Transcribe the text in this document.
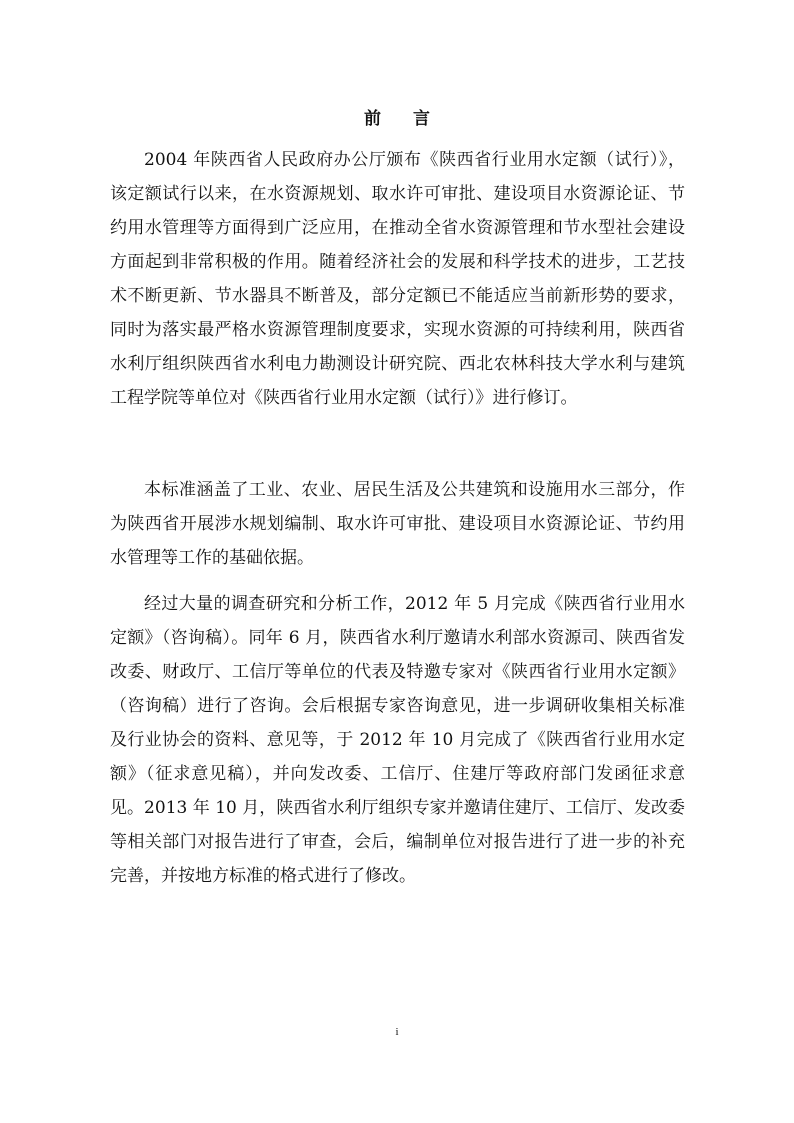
前 言

2004 年陕西省人民政府办公厅颁布《陕西省行业用水定额（试行）》，该定额试行以来，在水资源规划、取水许可审批、建设项目水资源论证、节约用水管理等方面得到广泛应用，在推动全省水资源管理和节水型社会建设方面起到非常积极的作用。随着经济社会的发展和科学技术的进步，工艺技术不断更新、节水器具不断普及，部分定额已不能适应当前新形势的要求，同时为落实最严格水资源管理制度要求，实现水资源的可持续利用，陕西省水利厅组织陕西省水利电力勘测设计研究院、西北农林科技大学水利与建筑工程学院等单位对《陕西省行业用水定额（试行）》进行修订。

本标准涵盖了工业、农业、居民生活及公共建筑和设施用水三部分，作为陕西省开展涉水规划编制、取水许可审批、建设项目水资源论证、节约用水管理等工作的基础依据。

经过大量的调查研究和分析工作，2012 年 5 月完成《陕西省行业用水定额》（咨询稿）。同年 6 月，陕西省水利厅邀请水利部水资源司、陕西省发改委、财政厅、工信厅等单位的代表及特邀专家对《陕西省行业用水定额》（咨询稿）进行了咨询。会后根据专家咨询意见，进一步调研收集相关标准及行业协会的资料、意见等，于 2012 年 10 月完成了《陕西省行业用水定额》（征求意见稿），并向发改委、工信厅、住建厅等政府部门发函征求意见。2013 年 10 月，陕西省水利厅组织专家并邀请住建厅、工信厅、发改委等相关部门对报告进行了审查，会后，编制单位对报告进行了进一步的补充完善，并按地方标准的格式进行了修改。

i
